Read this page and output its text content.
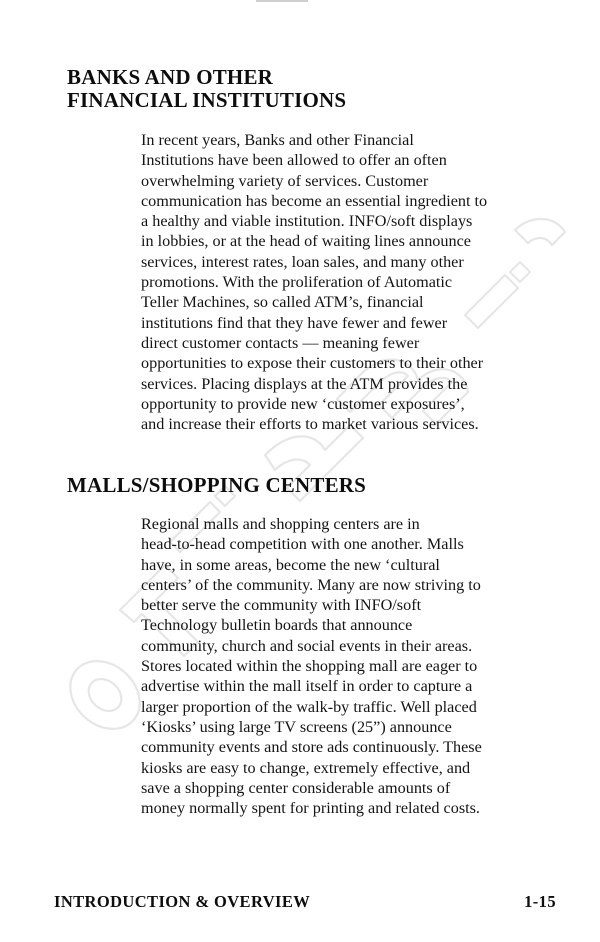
BANKS AND OTHER
FINANCIAL INSTITUTIONS
In recent years, Banks and other Financial
Institutions have been allowed to offer an often
overwhelming variety of services. Customer
communication has become an essential ingredient to
a healthy and viable institution. INFO/soft displays
in lobbies, or at the head of waiting lines announce
services, interest rates, loan sales, and many other
promotions. With the proliferation of Automatic
Teller Machines, so called ATM’s, financial
institutions find that they have fewer and fewer
direct customer contacts — meaning fewer
opportunities to expose their customers to their other
services. Placing displays at the ATM provides the
opportunity to provide new ‘customer exposures’,
and increase their efforts to market various services.
MALLS/SHOPPING CENTERS
Regional malls and shopping centers are in
head-to-head competition with one another. Malls
have, in some areas, become the new ‘cultural
centers’ of the community. Many are now striving to
better serve the community with INFO/soft
Technology bulletin boards that announce
community, church and social events in their areas.
Stores located within the shopping mall are eager to
advertise within the mall itself in order to capture a
larger proportion of the walk-by traffic. Well placed
‘Kiosks’ using large TV screens (25”) announce
community events and store ads continuously. These
kiosks are easy to change, extremely effective, and
save a shopping center considerable amounts of
money normally spent for printing and related costs.
INTRODUCTION & OVERVIEW	1-15
